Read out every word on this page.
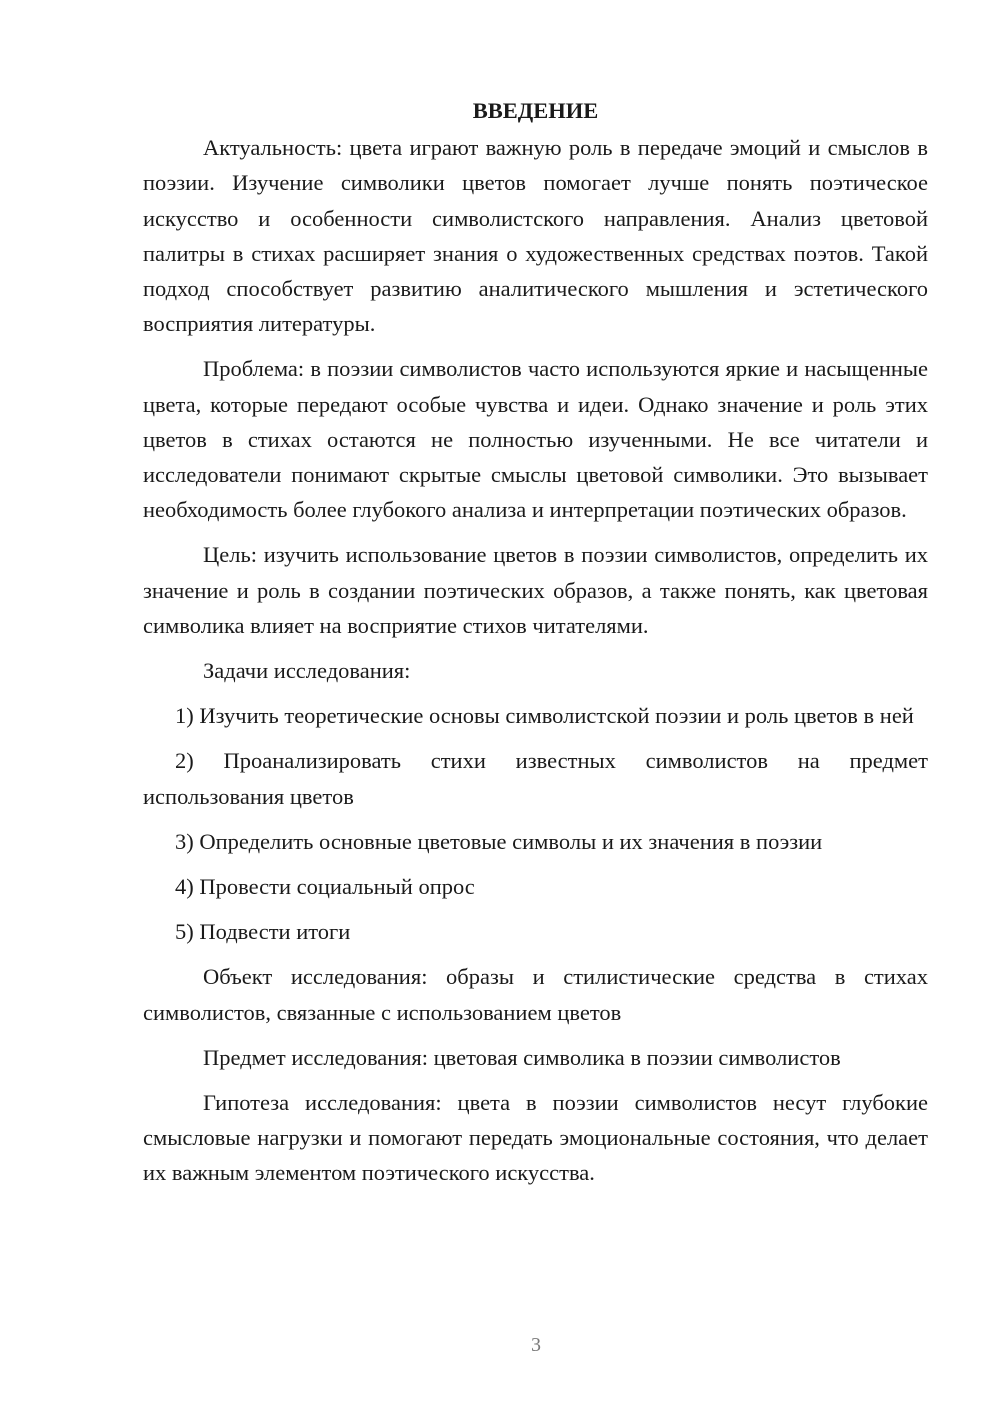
ВВЕДЕНИЕ

Актуальность: цвета играют важную роль в передаче эмоций и смыслов в поэзии. Изучение символики цветов помогает лучше понять поэтическое искусство и особенности символистского направления. Анализ цветовой палитры в стихах расширяет знания о художественных средствах поэтов. Такой подход способствует развитию аналитического мышления и эстетического восприятия литературы.

Проблема: в поэзии символистов часто используются яркие и насыщенные цвета, которые передают особые чувства и идеи. Однако значение и роль этих цветов в стихах остаются не полностью изученными. Не все читатели и исследователи понимают скрытые смыслы цветовой символики. Это вызывает необходимость более глубокого анализа и интерпретации поэтических образов.

Цель: изучить использование цветов в поэзии символистов, определить их значение и роль в создании поэтических образов, а также понять, как цветовая символика влияет на восприятие стихов читателями.

Задачи исследования:

1) Изучить теоретические основы символистской поэзии и роль цветов в ней

2) Проанализировать стихи известных символистов на предмет использования цветов

3) Определить основные цветовые символы и их значения в поэзии

4) Провести социальный опрос

5) Подвести итоги

Объект исследования: образы и стилистические средства в стихах символистов, связанные с использованием цветов

Предмет исследования: цветовая символика в поэзии символистов

Гипотеза исследования: цвета в поэзии символистов несут глубокие смысловые нагрузки и помогают передать эмоциональные состояния, что делает их важным элементом поэтического искусства.

3
